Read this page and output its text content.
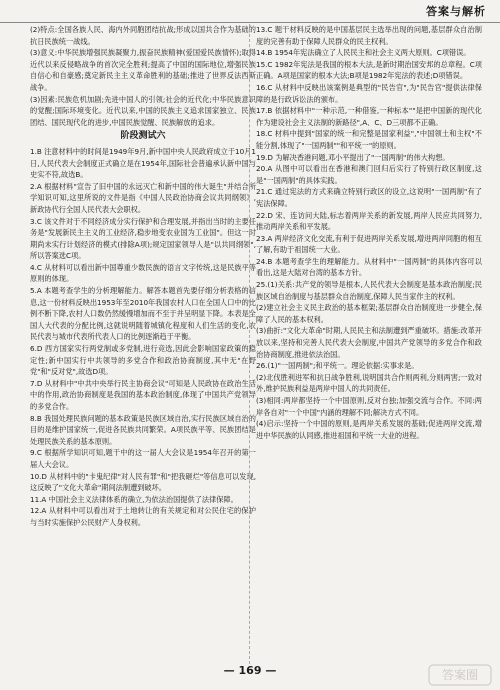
答案与解析
(2)特点:全国各族人民、海内外同胞团结抗战;形成以国共合作为基础的抗日民族统一战线。
(3)意义:中华民族增强民族凝聚力,振奋民族精神(爱国爱民族情怀);取得近代以来反侵略战争的首次完全胜利;提高了中国的国际地位,增强民族自信心和自豪感;奠定新民主主义革命胜利的基础;推进了世界反法西斯战争。
(3)因素:民族危机加剧;先进中国人的引领;社会的近代化;中华民族意识的觉醒;国际环境变化。近代以来,中国的民族主义追求国家独立、民族团结、国民现代化的进步,中国民族觉醒、民族解放的追求。
阶段测试六
1.B 注意材料中的时间是1949年9月,新中国中央人民政府成立于10月1日,人民代表大会制度正式确立是在1954年,国际社会普遍承认新中国与史实不符,故选B。
2.A 根据材料"宣告了旧中国的永远灭亡和新中国的伟大诞生"并结合所学知识可知,这里所说的文件是指《中国人民政治协商会议共同纲领》,新政协代行全国人民代表大会职权。
3.C 该文件对于不同经济成分实行保护和合理发展,并指出当时的主要任务是"发展新民主主义的工业经济,稳步地变农业国为工业国"。但这一时期尚未实行计划经济的模式(排除A项);规定国家领导人是"以共同纲领",所以答案选C项。
4.C 从材料可以看出新中国尊重少数民族的语言文字传统,这是民族平等原则的体现。
5.A 本题考查学生的分析理解能力。解答本题首先要仔细分析表格的信息,这一份材料反映出1953年至2010年我国农村人口在全国人口中的比例不断下降,农村人口数仍然缓慢增加而不至于并呈明显下降。本表是全国人大代表的分配比例,这就说明随着城镇化程度和人们生活的变化,农民代表与城市代表所代表人口的比例逐渐趋于平衡。
6.D 西方国家实行两党制或多党制,进行竞选,因此会影响国家政策的稳定性;新中国实行中共领导的多党合作和政治协商制度,其中无"在野党"和"反对党",故选D项。
7.D 从材料中"中共中央举行民主协商会议"可知是人民政协在政治生活中的作用,政治协商制度是我国的基本政治制度,体现了中国共产党领导的多党合作。
8.B 我国处理民族问题的基本政策是民族区域自治,实行民族区域自治的目的是维护国家统一,促进各民族共同繁荣。A项民族平等、民族团结是处理民族关系的基本原则。
9.C 根据所学知识可知,题干中的这一届人大会议是1954年召开的第一届人大会议。
10.D 从材料中的"卡鬼纪律"对人民有罪"和"把我砸烂"等信息可以发现,这反映了"文化大革命"期间法制遭到破坏。
11.A 中国社会主义法律体系的确立,为依法治国提供了法律保障。
12.A 从材料中可以看出对于土地转让的有关规定和对公民住宅的保护与当时实施保护公民财产人身权利。
13.C 题干材料反映的是中国基层民主选举出现的问题,基层群众自治制度的完善有助于保障人民群众的民主权利。
14.B 1954年宪法确立了人民民主和社会主义两大原则。C项错误。
15.C 1982年宪法是我国的根本大法,是新时期治国安邦的总章程。C项正确。A项是国家的根本大法;B项是1982年宪法的表述;D项错误。
16.C 从材料中反映出该案例是典型的"民告官",为"民告官"提供法律保障的是行政诉讼法的颁布。
17.B 依据材料中"一种示范,一种借鉴,一种标本""是把中国新的现代化作为建设社会主义法制的新路径",A、C、D三项都不正确。
18.C 材料中提到"国家的统一和完整是国家利益","中国领土和主权"不能分割,体现了"一国两制""和平统一"的原则。
19.D 为解决香港问题,邓小平提出了"一国两制"的伟大构想。
20.A 从图中可以看出在香港和澳门回归后实行了特别行政区制度,这是"一国两制"的具体实践。
21.C 通过宪法的方式来确立特别行政区的设立,这说明"一国两制"有了宪法保障。
22.D 宋、连访问大陆,标志着两岸关系的新发展,两岸人民应共同努力,推动两岸关系和平发展。
23.A 两岸经济文化交流,有利于促进两岸关系发展,增进两岸同胞的相互了解,有助于祖国统一大业。
24.B 本题考查学生的理解能力。从材料中"一国两制"的具体内容可以看出,这是大陆对台湾的基本方针。
25.(1)关系:共产党的领导是根本,人民代表大会制度是基本政治制度;民族区域自治制度与基层群众自治制度,保障人民当家作主的权利。
(2)建立社会主义民主政治的基本框架;基层群众自治制度进一步健全,保障了人民的基本权利。
(3)曲折:"文化大革命"时期,人民民主和法制遭到严重破坏。措施:改革开放以来,坚持和完善人民代表大会制度,中国共产党领导的多党合作和政治协商制度,推进依法治国。
26.(1)"一国两制";和平统一。理论依据:实事求是。
(2)北伐胜利进军和抗日战争胜利,说明国共合作则两利,分则两害;一致对外,维护民族利益是两岸中国人的共同责任。
(3)相同:两岸都坚持一个中国原则,反对台独;加强交流与合作。不同:两岸各自对"一个中国"内涵的理解不同;解决方式不同。
(4)启示:坚持一个中国的原则,是两岸关系发展的基础;促进两岸交流,增进中华民族的认同感,推进祖国和平统一大业的进程。
— 169 —	答案圈
